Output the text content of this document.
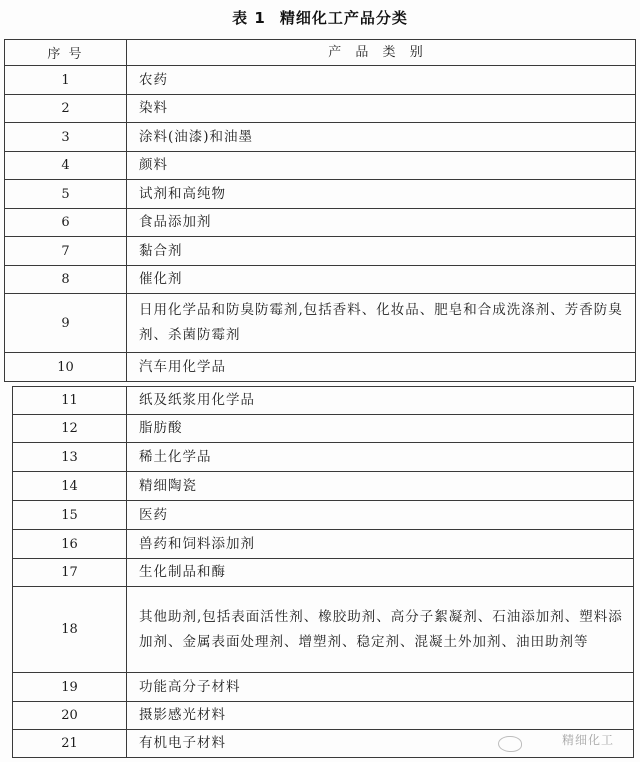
表 1 精细化工产品分类
序 号	产 品 类 别
1	农药
2	染料
3	涂料(油漆)和油墨
4	颜料
5	试剂和高纯物
6	食品添加剂
7	黏合剂
8	催化剂
9	日用化学品和防臭防霉剂,包括香料、化妆品、肥皂和合成洗涤剂、芳香防臭剂、杀菌防霉剂
10	汽车用化学品
11	纸及纸浆用化学品
12	脂肪酸
13	稀土化学品
14	精细陶瓷
15	医药
16	兽药和饲料添加剂
17	生化制品和酶
18	其他助剂,包括表面活性剂、橡胶助剂、高分子絮凝剂、石油添加剂、塑料添加剂、金属表面处理剂、增塑剂、稳定剂、混凝土外加剂、油田助剂等
19	功能高分子材料
20	摄影感光材料
21	有机电子材料	精细化工
